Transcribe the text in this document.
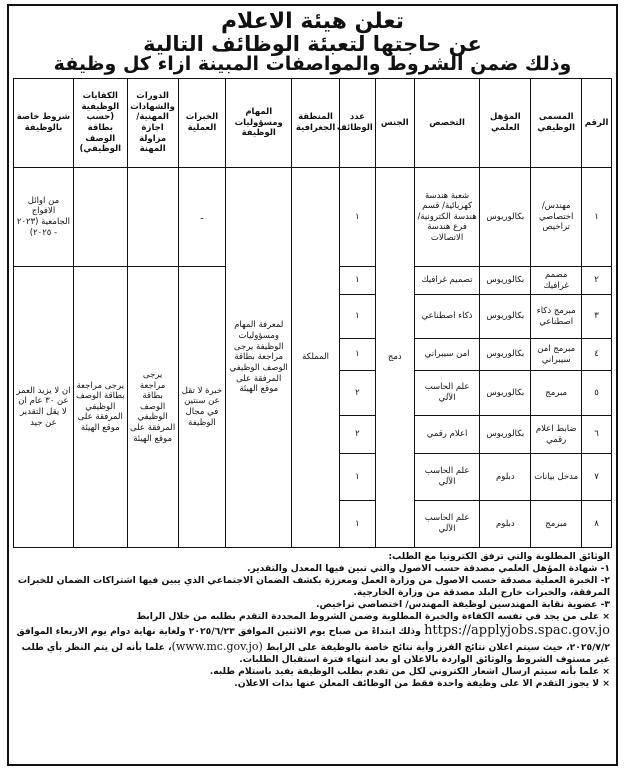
تعلن هيئة الاعلام
عن حاجتها لتعبئة الوظائف التالية
وذلك ضمن الشروط والمواصفات المبينة ازاء كل وظيفة
الرقم	المسمى الوظيفي	المؤهل العلمي	التخصص	الجنس	عدد الوظائف	المنطقة الجغرافية	المهام ومسؤوليات الوظيفة	الخبرات العملية	الدورات والشهادات المهنية/ اجازة مزاولة المهنة	الكفايات الوظيفية (حسب بطاقة الوصف الوظيفي)	شروط خاصة بالوظيفة
١	مهندس/ اختصاصي تراخيص	بكالوريوس	شعبة هندسة كهربائية/ قسم هندسة الكترونية/ فرع هندسة الاتصالات	دمج	١	المملكة	لمعرفة المهام ومسؤوليات الوظيفة يرجى مراجعة بطاقة الوصف الوظيفي المرفقة على موقع الهيئة	ـ			من اوائل الافواج الجامعية (٢٠٢٣ - ٢٠٢٥)
٢	مصمم غرافيك	بكالوريوس	تصميم غرافيك		١			خبرة لا تقل عن سنتين في مجال الوظيفة	يرجى مراجعة بطاقة الوصف الوظيفي المرفقة على موقع الهيئة	يرجى مراجعة بطاقة الوصف الوظيفي المرفقة على موقع الهيئة	ان لا يزيد العمر عن ٣٠ عام ان لا يقل التقدير عن جيد
٣	مبرمج ذكاء اصطناعي	بكالوريوس	ذكاء اصطناعي		١						
٤	مبرمج امن سيبراني	بكالوريوس	امن سيبراني		١						
٥	مبرمج	بكالوريوس	علم الحاسب الآلي		٢						
٦	ضابط اعلام رقمي	بكالوريوس	اعلام رقمي		٢						
٧	مدخل بيانات	دبلوم	علم الحاسب الآلي		١						
٨	مبرمج	دبلوم	علم الحاسب الآلي		١						

الوثائق المطلوبة والتي ترفق الكترونيا مع الطلب:

١- شهادة المؤهل العلمي مصدقة حسب الاصول والتي تبين فيها المعدل والتقدير.

٢- الخبرة العملية مصدقة حسب الاصول من وزارة العمل ومعززة بكشف الضمان الاجتماعي الذي يبين فيها اشتراكات الضمان للخبرات المرفقة، والخبرات خارج البلد مصدقة من وزارة الخارجية.

٣- عضوية نقابة المهندسين لوظيفة المهندس/ اختصاصي تراخيص.

× على من يجد في نفسه الكفاءة والخبرة المطلوبة وضمن الشروط المحددة التقدم بطلبه من خلال الرابط

https://applyjobs.spac.gov.jo وذلك ابتداءً من صباح يوم الاثنين الموافق ٢٠٢٥/٦/٢٣ ولغاية نهاية دوام يوم الاربعاء الموافق ٢٠٢٥/٧/٢، حيث سيتم اعلان نتائج الفرز وأية نتائج خاصة بالوظيفة على الرابط (www.mc.gov.jo)، علما بأنه لن يتم النظر بأي طلب غير مستوف الشروط والوثائق الواردة بالاعلان او بعد انتهاء فترة استقبال الطلبات.

× علما بأنه سيتم ارسال اشعار الكتروني لكل من تقدم بطلب الوظيفة يفيد باستلام طلبه.

× لا يجوز التقدم الا على وظيفة واحدة فقط من الوظائف المعلن عنها بذات الاعلان.
